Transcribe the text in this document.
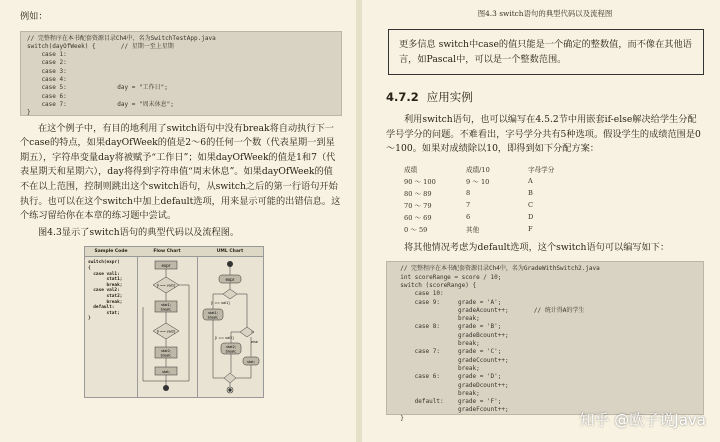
例如：

// 完整程序在本书配套资源目录Ch4中，名为SwitchTestApp.java
switch(dayOfWeek) {       // 星期一至上星期
case 1:
case 2:
case 3:
case 4:
case 5:              day = "工作日";
case 6:
case 7:              day = "周末休息";
}

在这个例子中，有目的地利用了switch语句中没有break将自动执行下一个case的特点，如果dayOfWeek的值是2～6的任何一个数（代表星期一到星期五），字符串变量day将被赋予“工作日”；如果dayOfWeek的值是1和7（代表星期天和星期六），day将得到字符串值“周末休息”。如果dayOfWeek的值不在以上范围，控制则跳出这个switch语句，从switch之后的第一行语句开始执行。也可以在这个switch中加上default选项，用来显示可能的出错信息。这个练习留给你在本章的练习题中尝试。

图4.3显示了switch语句的典型代码以及流程图。

Sample Code
switch(expr)
{
case val1:
stat1;
break;
case val2:
stat2;
break;
default:
stat;
}
Flow Chart
expr
[i == val1]
stat1;
break;
[i == val2]
stat2;
break;
stat;
UML Chart
expr
[i == val1]
stat1;
break;
[i == val2]
stat2;
break;
else
stat;
图4.3 switch语句的典型代码以及流程图
更多信息 switch中case的值只能是一个确定的整数值，而不像在其他语言，如Pascal中，可以是一个整数范围。
4.7.2 应用实例

利用switch语句，也可以编写在4.5.2节中用嵌套if-else解决给学生分配学号学分的问题。不难看出，字号学分共有5种选项。假设学生的成绩范围是0～100。如果对成绩除以10，即得到如下分配方案：

成绩	成绩/10	字母学分
90 ～ 100	9 ～ 10	A
80 ～ 89	8	B
70 ～ 79	7	C
60 ～ 69	6	D
0 ～ 59	其他	F

将其他情况考虑为default选项，这个switch语句可以编写如下：

// 完整程序在本书配套资源目录Ch4中，名为GradeWithSwitch2.java
int scoreRange = score / 10;
switch (scoreRange) {
case 10:
case 9:     grade = 'A';
gradeAcount++;       // 统计得A的学生
break;
case 8:     grade = 'B';
gradeBcount++;
break;
case 7:     grade = 'C';
gradeCcount++;
break;
case 6:     grade = 'D';
gradeDcount++;
break;
default:    grade = 'F';
gradeFcount++;
}	知乎 @欧子说Java
